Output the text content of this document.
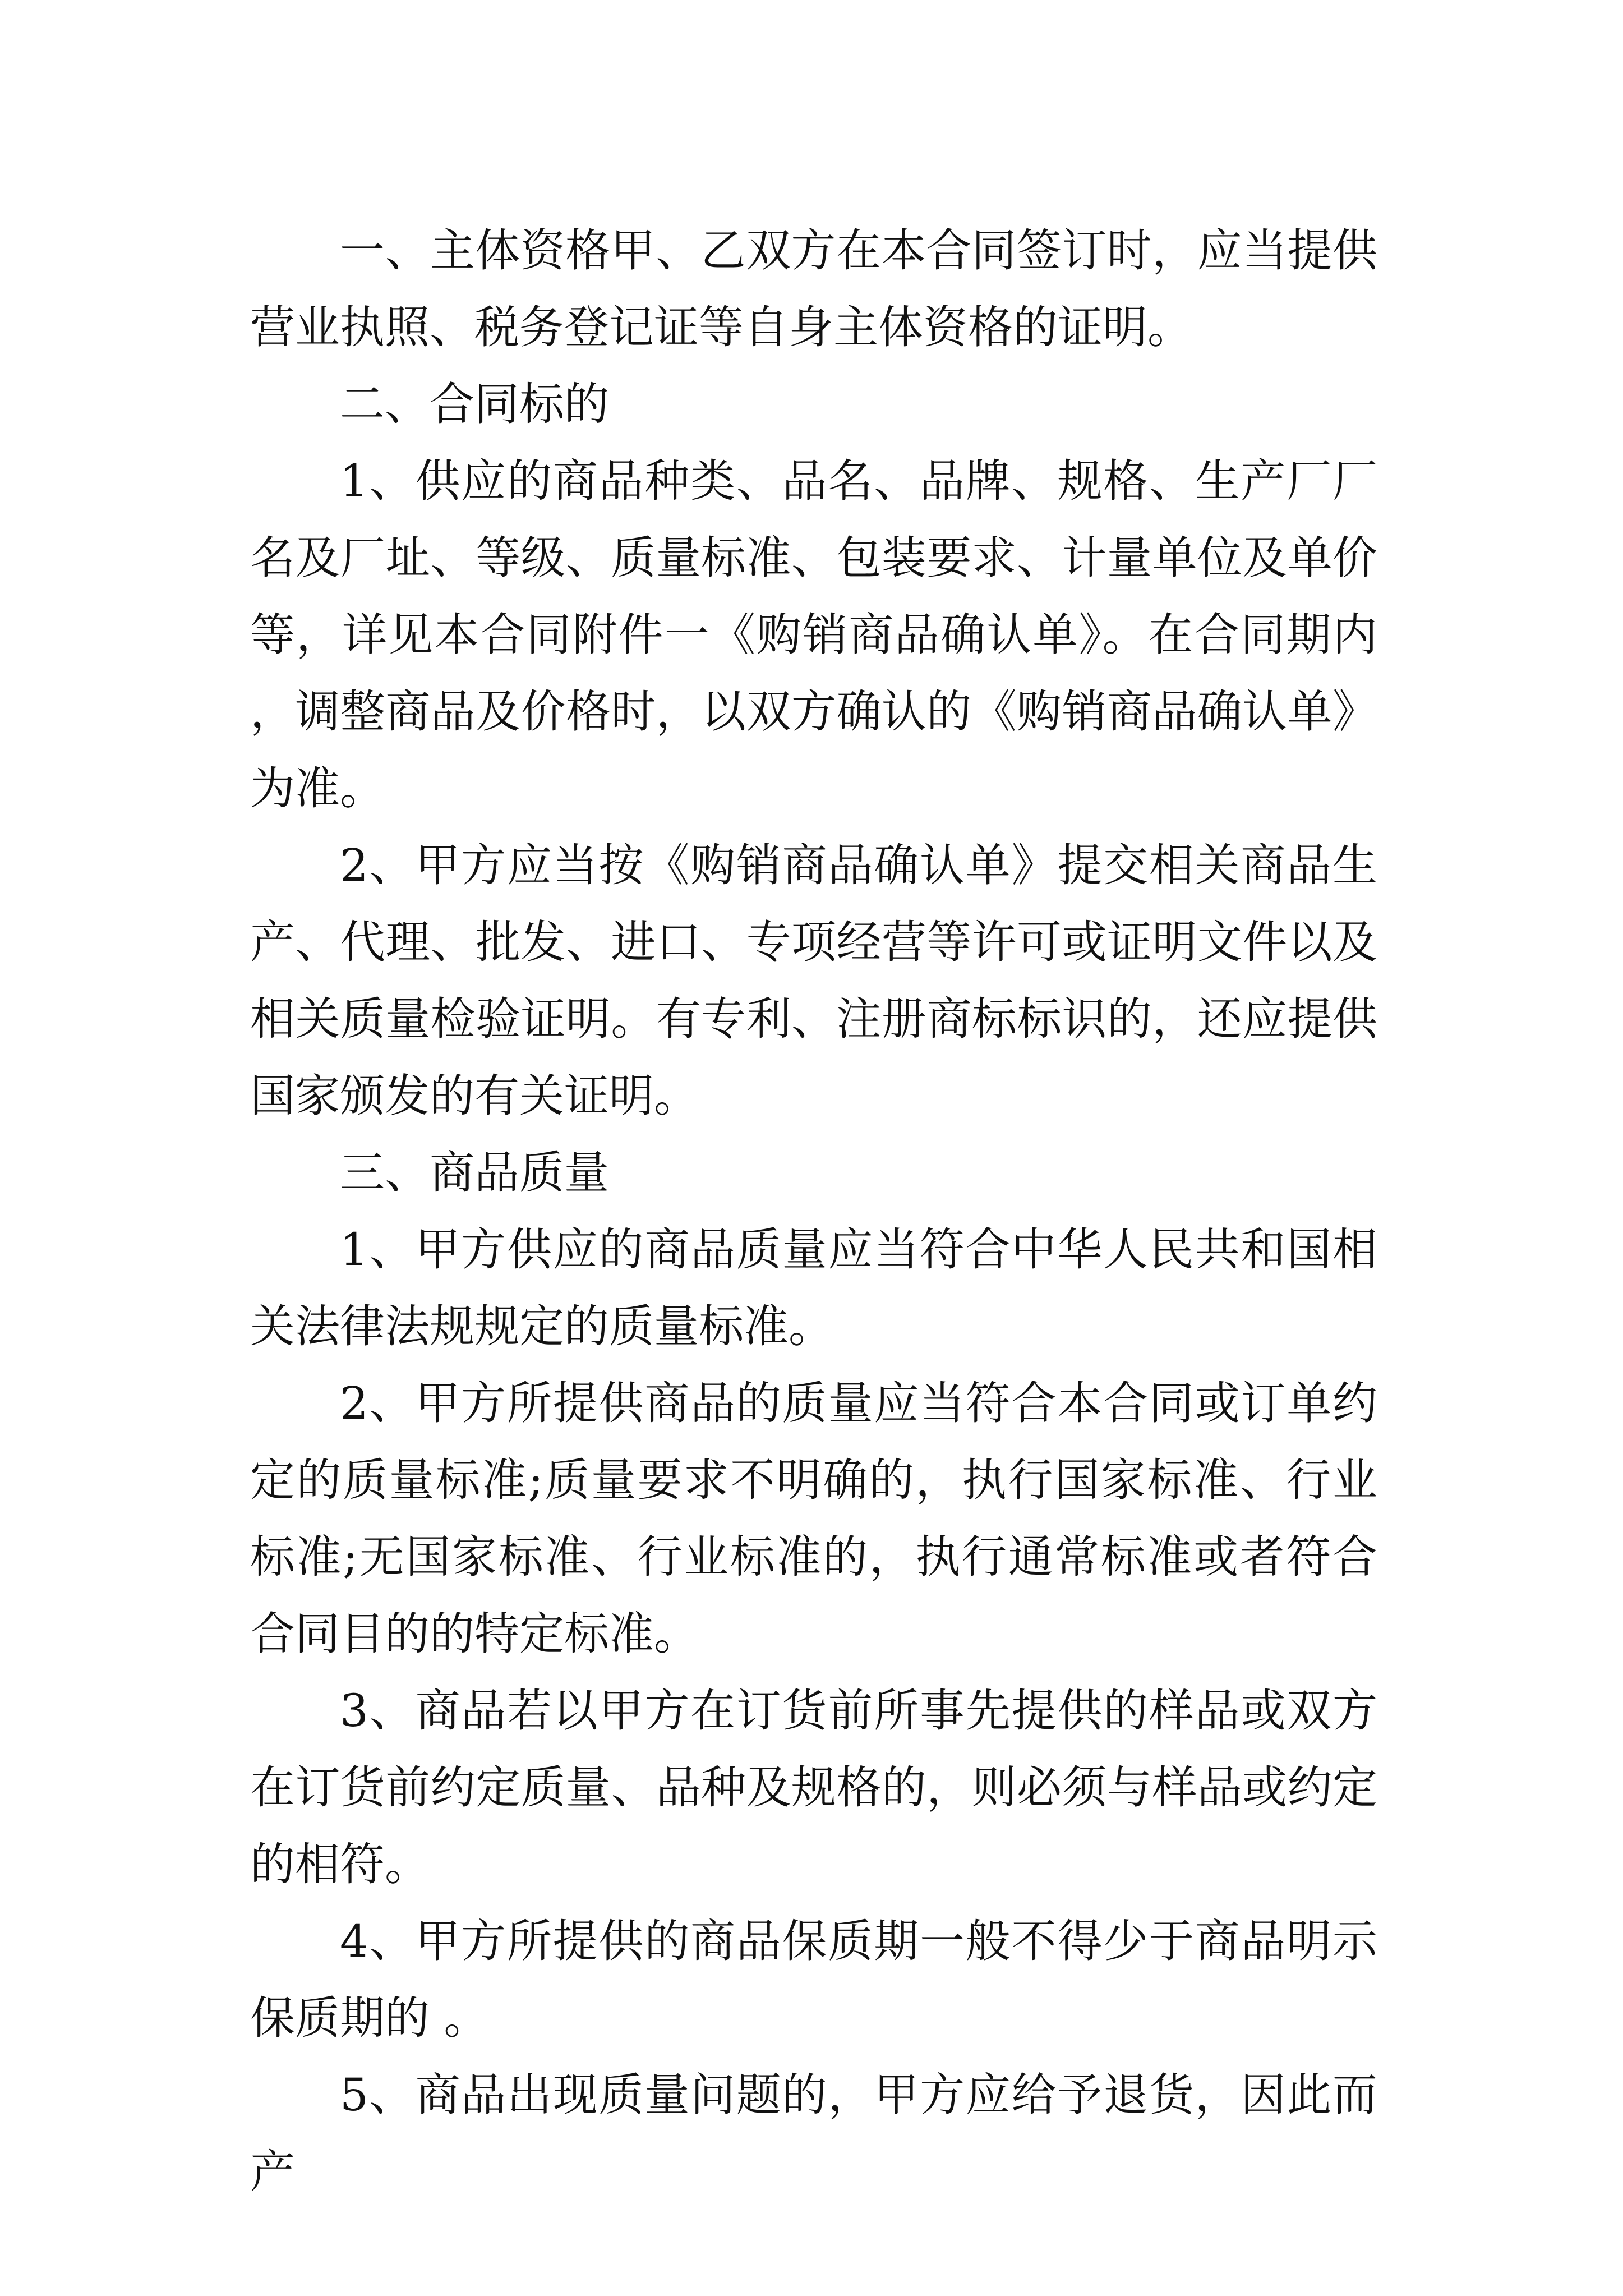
一、主体资格甲、乙双方在本合同签订时，应当提供营业执照、税务登记证等自身主体资格的证明。

二、合同标的

1、供应的商品种类、品名、品牌、规格、生产厂厂名及厂址、等级、质量标准、包装要求、计量单位及单价等，详见本合同附件一《购销商品确认单》。在合同期内，调整商品及价格时，以双方确认的《购销商品确认单》为准。

2、甲方应当按《购销商品确认单》提交相关商品生产、代理、批发、进口、专项经营等许可或证明文件以及相关质量检验证明。有专利、注册商标标识的，还应提供国家颁发的有关证明。

三、商品质量

1、甲方供应的商品质量应当符合中华人民共和国相关法律法规规定的质量标准。

2、甲方所提供商品的质量应当符合本合同或订单约定的质量标准;质量要求不明确的，执行国家标准、行业标准;无国家标准、行业标准的，执行通常标准或者符合合同目的的特定标准。

3、商品若以甲方在订货前所事先提供的样品或双方在订货前约定质量、品种及规格的，则必须与样品或约定的相符。

4、甲方所提供的商品保质期一般不得少于商品明示保质期的 。

5、商品出现质量问题的，甲方应给予退货，因此而产
